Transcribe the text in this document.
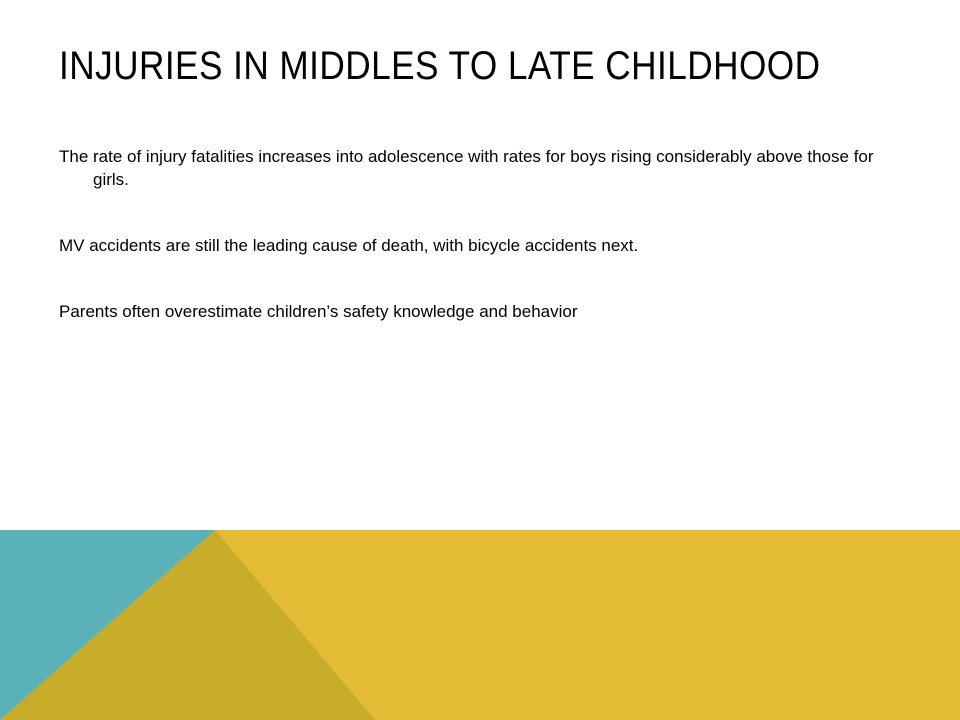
INJURIES IN MIDDLES TO LATE CHILDHOOD

The rate of injury fatalities increases into adolescence with rates for boys rising considerably above those for girls.

MV accidents are still the leading cause of death, with bicycle accidents next.

Parents often overestimate children’s safety knowledge and behavior
